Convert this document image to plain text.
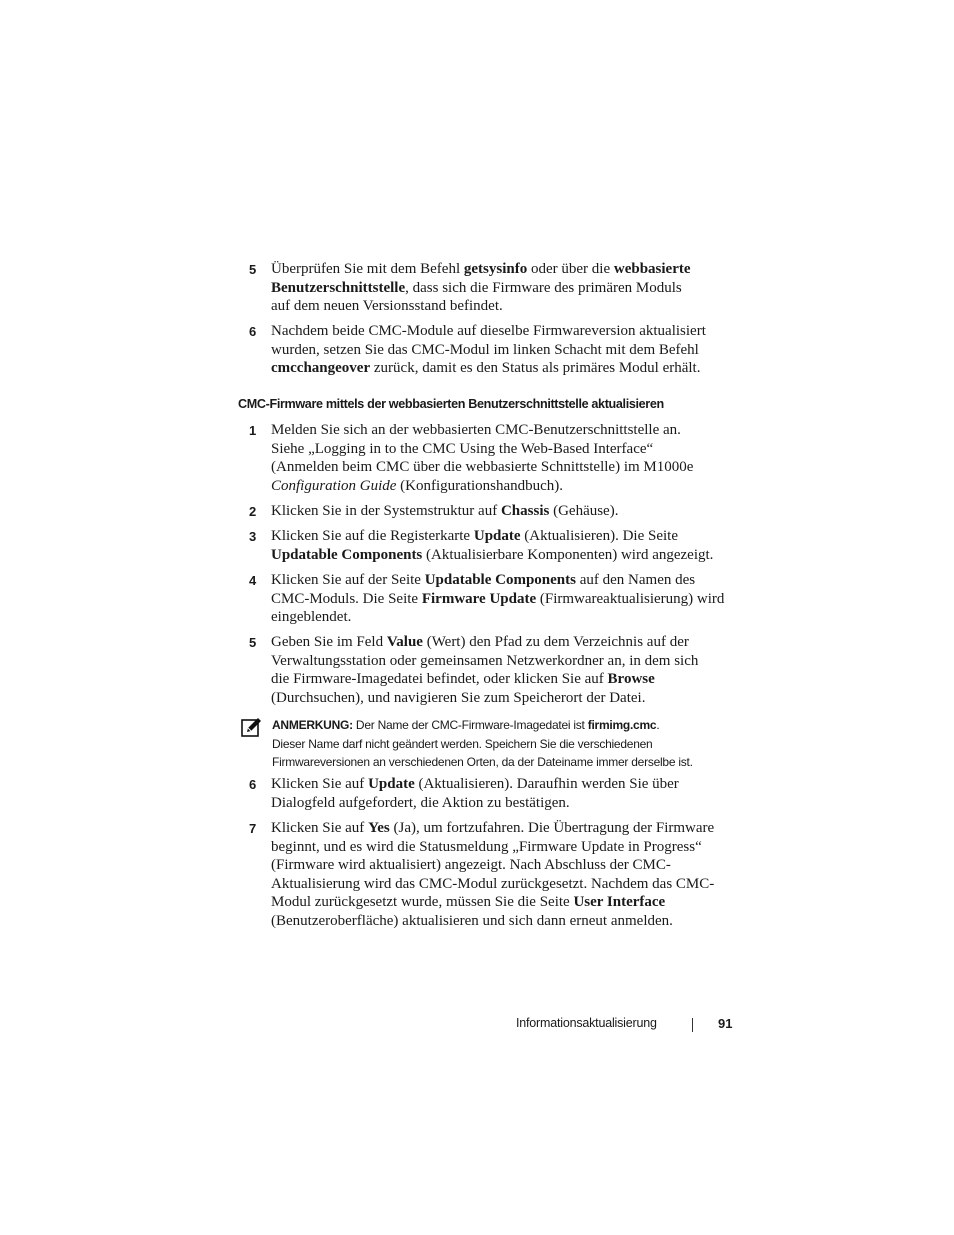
5 Überprüfen Sie mit dem Befehl getsysinfo oder über die webbasierte
Benutzerschnittstelle, dass sich die Firmware des primären Moduls
auf dem neuen Versionsstand befindet.
6 Nachdem beide CMC-Module auf dieselbe Firmwareversion aktualisiert
wurden, setzen Sie das CMC-Modul im linken Schacht mit dem Befehl
cmcchangeover zurück, damit es den Status als primäres Modul erhält.
CMC-Firmware mittels der webbasierten Benutzerschnittstelle aktualisieren
1 Melden Sie sich an der webbasierten CMC-Benutzerschnittstelle an.
Siehe „Logging in to the CMC Using the Web-Based Interface“
(Anmelden beim CMC über die webbasierte Schnittstelle) im M1000e
Configuration Guide (Konfigurationshandbuch).
2 Klicken Sie in der Systemstruktur auf Chassis (Gehäuse).
3 Klicken Sie auf die Registerkarte Update (Aktualisieren). Die Seite
Updatable Components (Aktualisierbare Komponenten) wird angezeigt.
4 Klicken Sie auf der Seite Updatable Components auf den Namen des
CMC-Moduls. Die Seite Firmware Update (Firmwareaktualisierung) wird
eingeblendet.
5 Geben Sie im Feld Value (Wert) den Pfad zu dem Verzeichnis auf der
Verwaltungsstation oder gemeinsamen Netzwerkordner an, in dem sich
die Firmware-Imagedatei befindet, oder klicken Sie auf Browse
(Durchsuchen), und navigieren Sie zum Speicherort der Datei.
ANMERKUNG: Der Name der CMC-Firmware-Imagedatei ist firmimg.cmc.
Dieser Name darf nicht geändert werden. Speichern Sie die verschiedenen
Firmwareversionen an verschiedenen Orten, da der Dateiname immer derselbe ist.
6 Klicken Sie auf Update (Aktualisieren). Daraufhin werden Sie über
Dialogfeld aufgefordert, die Aktion zu bestätigen.
7 Klicken Sie auf Yes (Ja), um fortzufahren. Die Übertragung der Firmware
beginnt, und es wird die Statusmeldung „Firmware Update in Progress“
(Firmware wird aktualisiert) angezeigt. Nach Abschluss der CMC-
Aktualisierung wird das CMC-Modul zurückgesetzt. Nachdem das CMC-
Modul zurückgesetzt wurde, müssen Sie die Seite User Interface
(Benutzeroberfläche) aktualisieren und sich dann erneut anmelden.
Informationsaktualisierung	91
